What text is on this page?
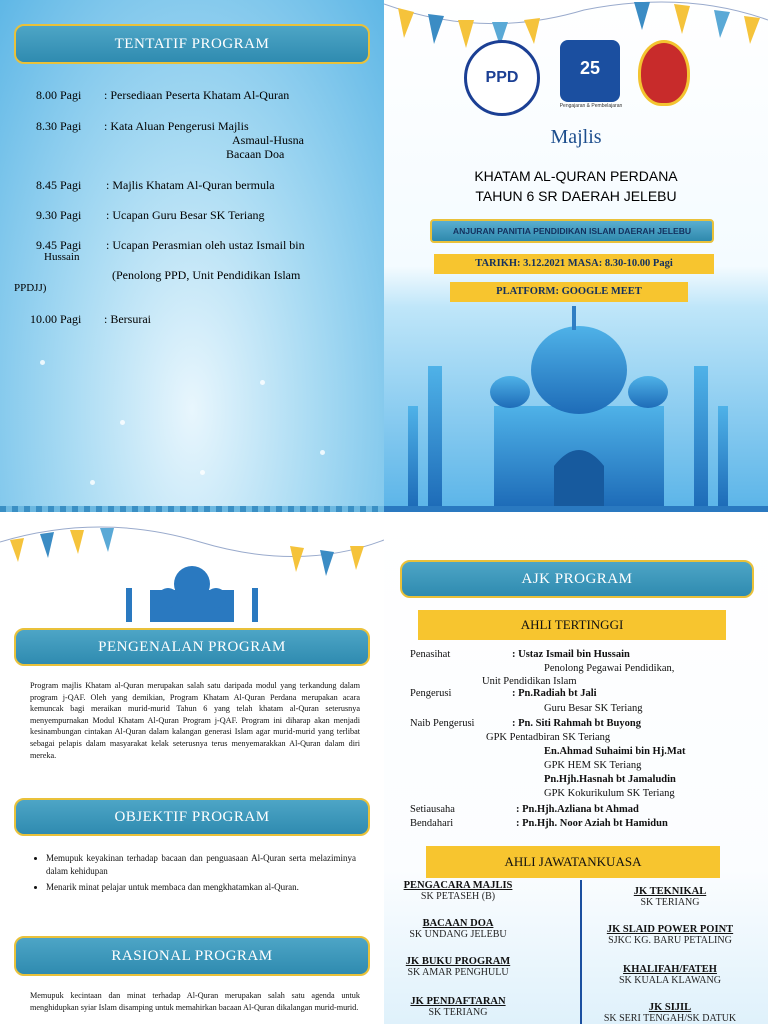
TENTATIF PROGRAM
8.00 Pagi	: Persediaan Peserta Khatam Al-Quran
8.30 Pagi	: Kata Aluan Pengerusi Majlis
Asmaul-Husna
Bacaan Doa
8.45 Pagi	: Majlis Khatam Al-Quran bermula
9.30 Pagi	: Ucapan Guru Besar SK Teriang
9.45 Pagi	: Ucapan Perasmian oleh ustaz Ismail bin
Hussain
(Penolong PPD, Unit Pendidikan Islam
PPDJJ)
10.00 Pagi	: Bersurai
PPD	25
Pengajaran & Pembelajaran
Majlis
KHATAM AL-QURAN PERDANA
TAHUN 6 SR DAERAH JELEBU
ANJURAN PANITIA PENDIDIKAN ISLAM DAERAH JELEBU
TARIKH: 3.12.2021 MASA: 8.30-10.00 Pagi
PLATFORM: GOOGLE MEET
PENGENALAN PROGRAM
Program majlis Khatam al-Quran merupakan salah satu daripada modul yang terkandung dalam program j-QAF. Oleh yang demikian, Program Khatam Al-Quran Perdana merupakan acara kemuncak bagi meraikan murid-murid Tahun 6 yang telah khatam al-Quran seterusnya menyempurnakan Modul Khatam Al-Quran Program j-QAF. Program ini diharap akan menjadi kesinambungan cintakan Al-Quran dalam kalangan generasi Islam agar murid-murid yang terlibat sebagai pelapis dalam masyarakat kelak seterusnya terus menyemarakkan Al-Quran dalam diri mereka.
OBJEKTIF PROGRAM
• Memupuk keyakinan terhadap bacaan dan penguasaan Al-Quran serta melaziminya dalam kehidupan
• Menarik minat pelajar untuk membaca dan mengkhatamkan al-Quran.
RASIONAL PROGRAM
Memupuk kecintaan dan minat terhadap Al-Quran merupakan salah satu agenda untuk menghidupkan syiar Islam disamping untuk memahirkan bacaan Al-Quran dikalangan murid-murid.
AJK PROGRAM
AHLI TERTINGGI
Penasihat	: Ustaz Ismail bin Hussain
Penolong Pegawai Pendidikan,
Unit Pendidikan Islam
Pengerusi	: Pn.Radiah bt Jali
Guru Besar SK Teriang
Naib Pengerusi	: Pn. Siti Rahmah bt Buyong
GPK Pentadbiran SK Teriang
En.Ahmad Suhaimi bin Hj.Mat
GPK HEM SK Teriang
Pn.Hjh.Hasnah bt Jamaludin
GPK Kokurikulum SK Teriang
Setiausaha	: Pn.Hjh.Azliana bt Ahmad
Bendahari	: Pn.Hjh. Noor Aziah bt Hamidun
AHLI JAWATANKUASA
PENGACARA MAJLIS
SK PETASEH (B)
BACAAN DOA
SK UNDANG JELEBU
JK BUKU PROGRAM
SK AMAR PENGHULU
JK PENDAFTARAN
SK TERIANG
JK TEKNIKAL
SK TERIANG
JK SLAID POWER POINT
SJKC KG. BARU PETALING
KHALIFAH/FATEH
SK KUALA KLAWANG
JK SIJIL
SK SERI TENGAH/SK DATUK
